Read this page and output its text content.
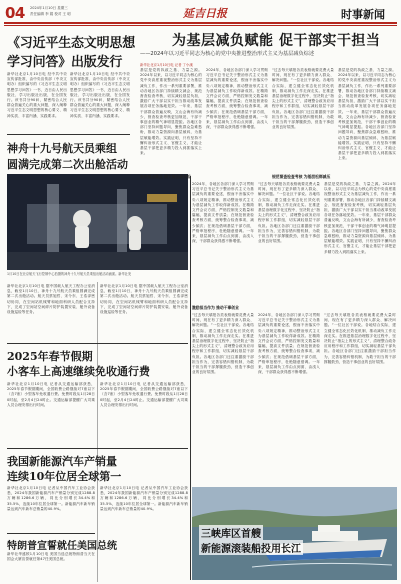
04 2024年1月10日 星期三
责任编辑 李 娟 校对 王 明	延吉日报	时事新闻
《习近平生态文明思想
学习问答》出版发行
新华社北京1月10日电 经中共中央宣传部批准，由中央宣传部（中央文明办）组织编写的《习近平生态文明思想学习问答》一书，近日由人民出版社、学习出版社出版，在全国发行。该书共分90问，紧密结合人民群众普遍关心的重大问题，深入阐释习近平生态文明思想的核心要义、精神实质、丰富内涵、实践要求。
新华社北京1月10日电 经中共中央宣传部批准，由中央宣传部（中央文明办）组织编写的《习近平生态文明思想学习问答》一书，近日由人民出版社、学习出版社出版，在全国发行。该书共分90问，紧密结合人民群众普遍关心的重大问题，深入阐释习近平生态文明思想的核心要义、精神实质、丰富内涵、实践要求。
神舟十九号航天员乘组
圆满完成第二次出舱活动
1月10日在北京航天飞行控制中心拍摄的神舟十九号航天员乘组出舱活动画面。新华社发
新华社北京1月10日电 据中国载人航天工程办公室消息，截至1月10日，神舟十九号航天员乘组圆满完成第二次出舱活动。航天员蔡旭哲、宋令东、王浩泽密切协同，在空间站机械臂和地面科研人员配合支持下，完成了空间站空间碎片防护装置安装、舱外设备设施巡检等任务。
新华社北京1月10日电 据中国载人航天工程办公室消息，截至1月10日，神舟十九号航天员乘组圆满完成第二次出舱活动。航天员蔡旭哲、宋令东、王浩泽密切协同，在空间站机械臂和地面科研人员配合支持下，完成了空间站空间碎片防护装置安装、舱外设备设施巡检等任务。
2025年春节假期
小客车上高速继续免收通行费
新华社北京1月10日电 记者从交通运输部获悉，2025年春节假期期间，全国收费公路继续对7座以下（含7座）小型客车免收通行费。免费时段从1月28日0时起，至2月4日24时止。交通运输部提醒广大司乘人员合理安排出行时间。
新华社北京1月10日电 记者从交通运输部获悉，2025年春节假期期间，全国收费公路继续对7座以下（含7座）小型客车免收通行费。免费时段从1月28日0时起，至2月4日24时止。交通运输部提醒广大司乘人员合理安排出行时间。
我国新能源汽车产销量
连续10年位居全球第一
新华社北京1月10日电 记者从中国汽车工业协会获悉，2024年我国新能源汽车产销量分别完成1288.8万辆和1286.6万辆，同比分别增长34.4%和35.5%，连续10年位居全球第一。新能源汽车新车销量达到汽车新车总销量的40.9%。
新华社北京1月10日电 记者从中国汽车工业协会获悉，2024年我国新能源汽车产销量分别完成1288.8万辆和1286.6万辆，同比分别增长34.4%和35.5%，连续10年位居全球第一。新能源汽车新车销量达到汽车新车总销量的40.9%。
特朗普宣誓就任美国总统
新华社华盛顿1月10日电 美国当选总统特朗普当天在国会大厦宣誓就任第47任美国总统。
为基层减负赋能 促干部实干担当
——2024年以习近平同志为核心的党中央推进整治形式主义为基层减负综述
新华社北京1月10日电 记者 丁小溪
基层是党的执政之基、力量之源。2024年以来，以习近平同志为核心的党中央高度重视整治形式主义为基层减负工作，作出一系列重要部署，推动各地区各部门持续精文减会、规范督查检查考核，切实减轻基层负担，激励广大干部以实干担当推动改革发展各项任务落地见效。一年来，基层干部群众普遍反映，文山会海有所减少，督查检查考核更加规范，干部干事创业的精气神明显提振。各地区各部门坚持问题导向，聚焦群众急难愁盼，推动力量资源向基层倾斜，为基层赋能增效。实践证明，只有坚持不懈纠治形式主义、官僚主义，才能让基层干部把更多精力投入到抓落实上来。
2024年，各地区各部门深入学习贯彻习近平总书记关于整治形式主义为基层减负的重要论述，锲而不舍落实中央八项规定精神，推动整治形式主义为基层减负工作取得新成效。在精简文件会议方面，严格控制发文数量和篇幅，提高文件质量；在规范督查检查考核方面，统筹整合检查事项，减少频次；在规范借调基层干部方面，严格审批程序，杜绝随意借调。一年来，基层减负工作由点到面、由浅入深，干部群众获得感不断增强。
“过去每天填报各类表格就要花费大量时间，现在有了更多精力深入群众、解决问题。”一位社区干部说。各地结合实际，建立健全常态化长效化机制，推动减负工作走深走实。在推进基层治理数字化过程中，坚决防止“指尖上的形式主义”，清理整合政务应用程序和工作群组，切实减轻基层干部负担。各地区各部门还注重激励干部担当作为，完善容错纠错机制，为敢于担当的干部撑腰鼓劲，营造干事创业的良好氛围。
基层是党的执政之基、力量之源。2024年以来，以习近平同志为核心的党中央高度重视整治形式主义为基层减负工作，作出一系列重要部署，推动各地区各部门持续精文减会、规范督查检查考核，切实减轻基层负担，激励广大干部以实干担当推动改革发展各项任务落地见效。一年来，基层干部群众普遍反映，文山会海有所减少，督查检查考核更加规范，干部干事创业的精气神明显提振。各地区各部门坚持问题导向，聚焦群众急难愁盼，推动力量资源向基层倾斜，为基层赋能增效。实践证明，只有坚持不懈纠治形式主义、官僚主义，才能让基层干部把更多精力投入到抓落实上来。
聚焦痛点难点 精文简会减负担	规范督查检查考核 为基层松绑减压
2024年，各地区各部门深入学习贯彻习近平总书记关于整治形式主义为基层减负的重要论述，锲而不舍落实中央八项规定精神，推动整治形式主义为基层减负工作取得新成效。在精简文件会议方面，严格控制发文数量和篇幅，提高文件质量；在规范督查检查考核方面，统筹整合检查事项，减少频次；在规范借调基层干部方面，严格审批程序，杜绝随意借调。一年来，基层减负工作由点到面、由浅入深，干部群众获得感不断增强。
“过去每天填报各类表格就要花费大量时间，现在有了更多精力深入群众、解决问题。”一位社区干部说。各地结合实际，建立健全常态化长效化机制，推动减负工作走深走实。在推进基层治理数字化过程中，坚决防止“指尖上的形式主义”，清理整合政务应用程序和工作群组，切实减轻基层干部负担。各地区各部门还注重激励干部担当作为，完善容错纠错机制，为敢于担当的干部撑腰鼓劲，营造干事创业的良好氛围。
基层是党的执政之基、力量之源。2024年以来，以习近平同志为核心的党中央高度重视整治形式主义为基层减负工作，作出一系列重要部署，推动各地区各部门持续精文减会、规范督查检查考核，切实减轻基层负担，激励广大干部以实干担当推动改革发展各项任务落地见效。一年来，基层干部群众普遍反映，文山会海有所减少，督查检查考核更加规范，干部干事创业的精气神明显提振。各地区各部门坚持问题导向，聚焦群众急难愁盼，推动力量资源向基层倾斜，为基层赋能增效。实践证明，只有坚持不懈纠治形式主义、官僚主义，才能让基层干部把更多精力投入到抓落实上来。
激励担当作为 推动干事创业
“过去每天填报各类表格就要花费大量时间，现在有了更多精力深入群众、解决问题。”一位社区干部说。各地结合实际，建立健全常态化长效化机制，推动减负工作走深走实。在推进基层治理数字化过程中，坚决防止“指尖上的形式主义”，清理整合政务应用程序和工作群组，切实减轻基层干部负担。各地区各部门还注重激励干部担当作为，完善容错纠错机制，为敢于担当的干部撑腰鼓劲，营造干事创业的良好氛围。
2024年，各地区各部门深入学习贯彻习近平总书记关于整治形式主义为基层减负的重要论述，锲而不舍落实中央八项规定精神，推动整治形式主义为基层减负工作取得新成效。在精简文件会议方面，严格控制发文数量和篇幅，提高文件质量；在规范督查检查考核方面，统筹整合检查事项，减少频次；在规范借调基层干部方面，严格审批程序，杜绝随意借调。一年来，基层减负工作由点到面、由浅入深，干部群众获得感不断增强。
“过去每天填报各类表格就要花费大量时间，现在有了更多精力深入群众、解决问题。”一位社区干部说。各地结合实际，建立健全常态化长效化机制，推动减负工作走深走实。在推进基层治理数字化过程中，坚决防止“指尖上的形式主义”，清理整合政务应用程序和工作群组，切实减轻基层干部负担。各地区各部门还注重激励干部担当作为，完善容错纠错机制，为敢于担当的干部撑腰鼓劲，营造干事创业的良好氛围。
三峡库区首艘
新能源滚装船投用长江
